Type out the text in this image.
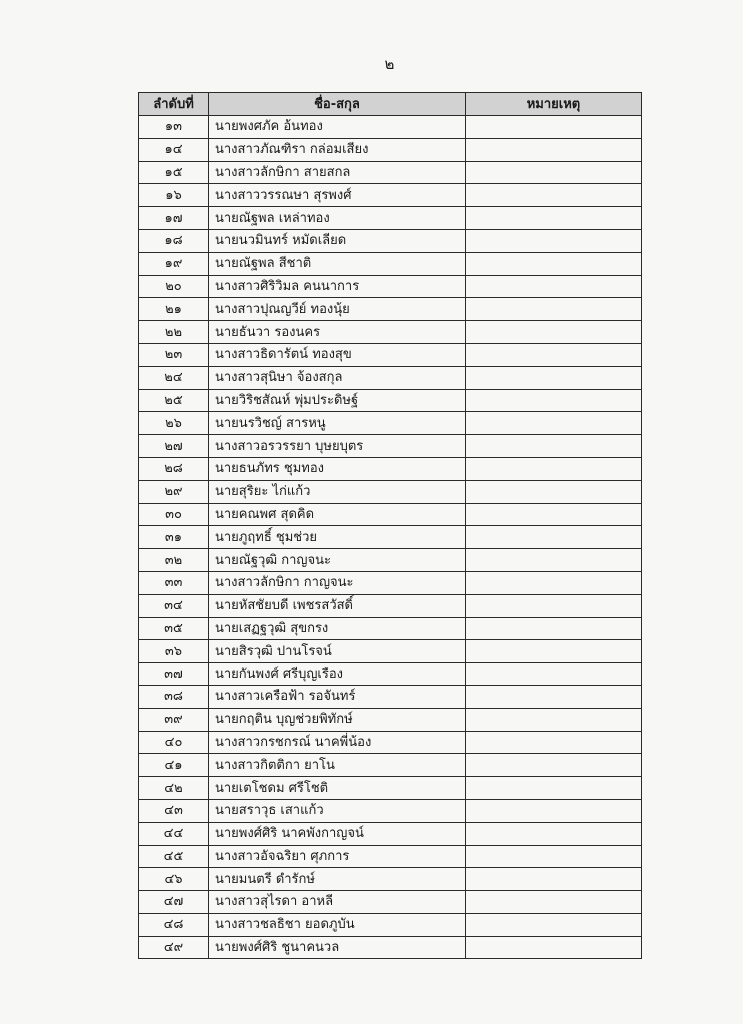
๒
ลำดับที่	ชื่อ-สกุล	หมายเหตุ
๑๓	นายพงศภัค อ้นทอง	
๑๔	นางสาวภัณฑิรา กล่อมเสียง	
๑๕	นางสาวลักษิกา สายสกล	
๑๖	นางสาววรรณษา สุรพงศ์	
๑๗	นายณัฐพล เหล่าทอง	
๑๘	นายนวมินทร์ หมัดเลียด	
๑๙	นายณัฐพล สีชาติ	
๒๐	นางสาวศิริวิมล คนนาการ	
๒๑	นางสาวปุณญวีย์ ทองนุ้ย	
๒๒	นายธันวา รองนคร	
๒๓	นางสาวธิดารัตน์ ทองสุข	
๒๔	นางสาวสุนิษา จ้องสกุล	
๒๕	นายวิริชสัณห์ พุ่มประดิษฐ์	
๒๖	นายนรวิชญ์ สารหนู	
๒๗	นางสาวอรวรรยา บุษยบุตร	
๒๘	นายธนภัทร ชุมทอง	
๒๙	นายสุริยะ ไก่แก้ว	
๓๐	นายคณพศ สุดคิด	
๓๑	นายภูฤทธิ์ ชุมช่วย	
๓๒	นายณัฐวุฒิ กาญจนะ	
๓๓	นางสาวลักษิกา กาญจนะ	
๓๔	นายหัสชัยบดี เพชรสวัสดิ์	
๓๕	นายเสฏฐวุฒิ สุขกรง	
๓๖	นายสิรวุฒิ ปานโรจน์	
๓๗	นายกันพงศ์ ศรีบุญเรือง	
๓๘	นางสาวเครือฟ้า รอจันทร์	
๓๙	นายกฤติน บุญช่วยพิทักษ์	
๔๐	นางสาวกรชกรณ์ นาคพี่น้อง	
๔๑	นางสาวกิตติกา ยาโน	
๔๒	นายเตโชดม ศรีโชติ	
๔๓	นายสราวุธ เสาแก้ว	
๔๔	นายพงศ์ศิริ นาคพังกาญจน์	
๔๕	นางสาวอัจฉริยา ศุภการ	
๔๖	นายมนตรี ดำรักษ์	
๔๗	นางสาวสุไรดา อาหลี	
๔๘	นางสาวชลธิชา ยอดภูบัน	
๔๙	นายพงศ์ศิริ ชูนาคนวล	
